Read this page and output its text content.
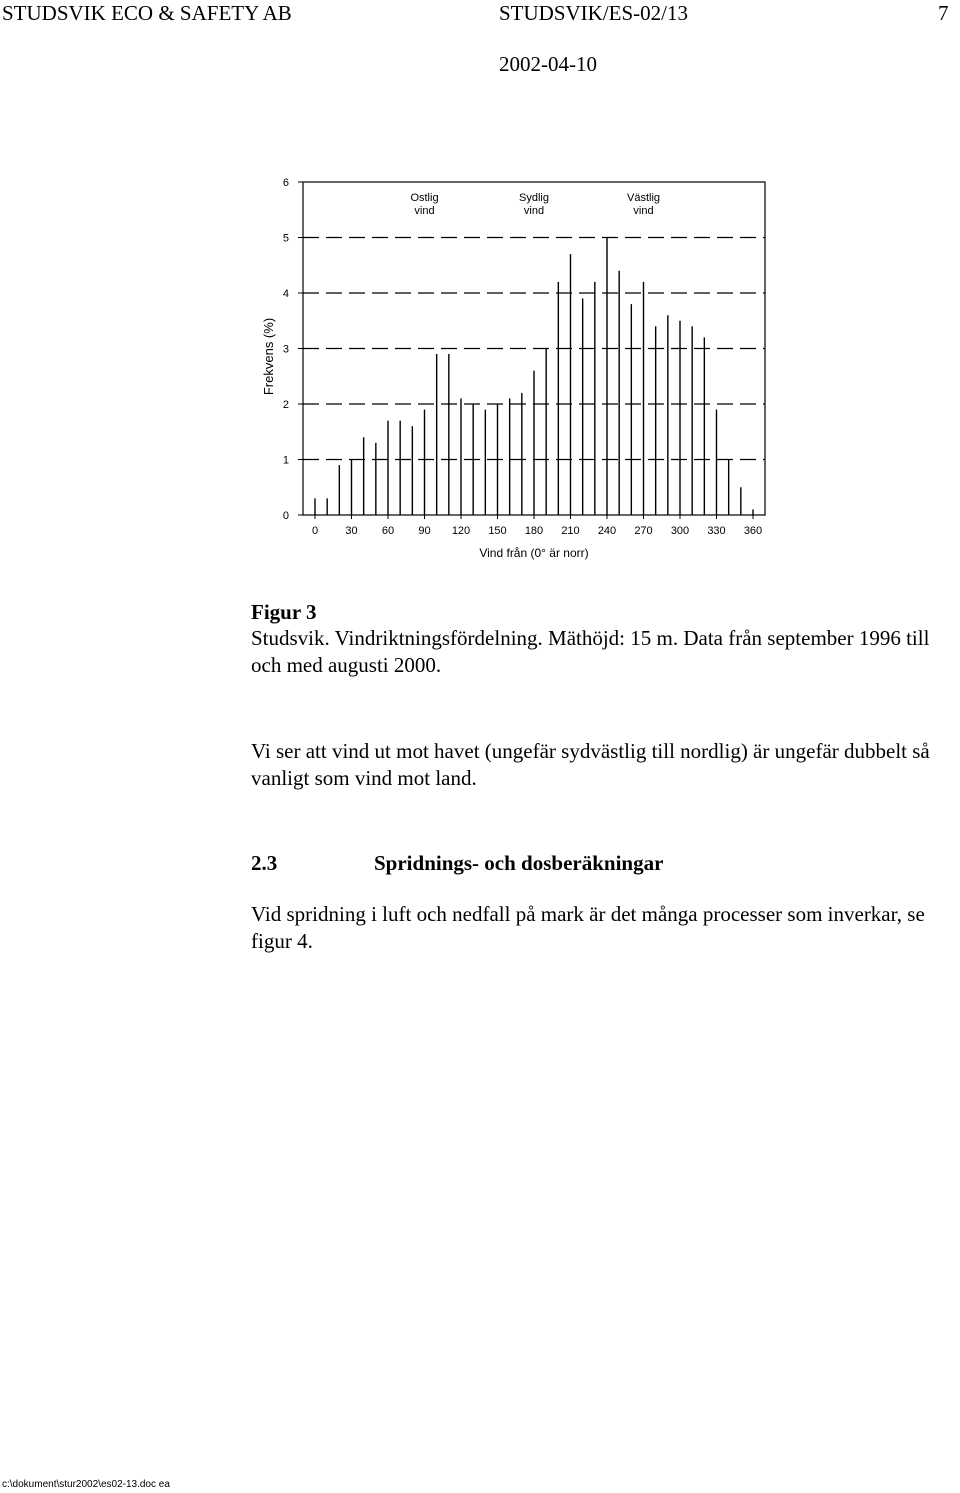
STUDSVIK ECO & SAFETY AB	STUDSVIK/ES-02/13	7
2002-04-10
0
1
2
3
4
5
6
0 30 60 90 120 150 180 210 240 270 300 330 360
Vind från (0° är norr)
Frekvens (%)
Ostlig
vind
Sydlig
vind
Västlig
vind
Figur 3
Studsvik. Vindriktningsfördelning. Mäthöjd: 15 m. Data från september 1996 till och med augusti 2000.
Vi ser att vind ut mot havet (ungefär sydvästlig till nordlig) är ungefär dubbelt så vanligt som vind mot land.
2.3	Spridnings- och dosberäkningar
Vid spridning i luft och nedfall på mark är det många processer som inverkar, se figur 4.
c:\dokument\stur2002\es02-13.doc ea
